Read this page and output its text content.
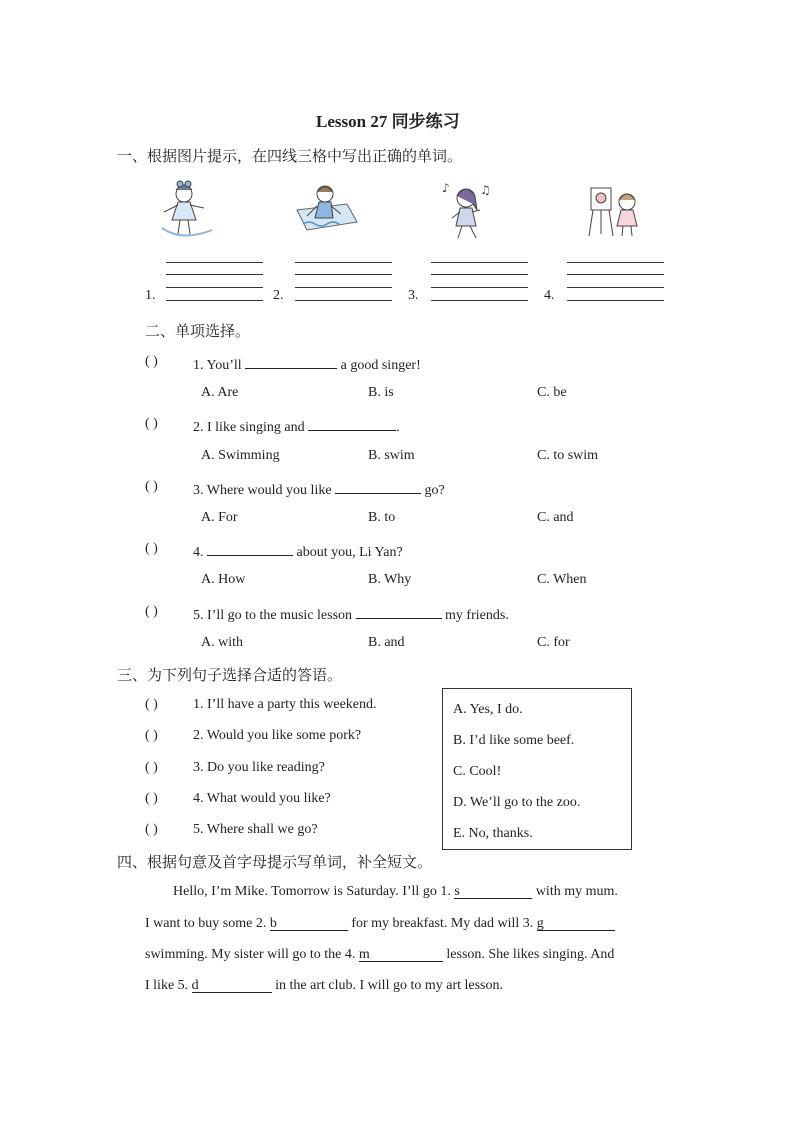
Lesson 27 同步练习
一、根据图片提示，在四线三格中写出正确的单词。
♪	♫
1.	2.	3.	4.
二、单项选择。
( )	1. You’ll	a good singer!
A. Are	B. is	C. be
( )	2. I like singing and	.
A. Swimming	B. swim	C. to swim
( )	3. Where would you like	go?
A. For	B. to	C. and
( )	4.	about you, Li Yan?
A. How	B. Why	C. When
( )	5. I’ll go to the music lesson	my friends.
A. with	B. and	C. for
三、为下列句子选择合适的答语。
( )	1. I’ll have a party this weekend.
( )	2. Would you like some pork?
( )	3. Do you like reading?
( )	4. What would you like?
( )	5. Where shall we go?
A. Yes, I do.
B. I’d like some beef.
C. Cool!
D. We’ll go to the zoo.
E. No, thanks.
四、根据句意及首字母提示写单词，补全短文。
Hello, I’m Mike. Tomorrow is Saturday. I’ll go 1. s	with my mum.
I want to buy some 2. b	for my breakfast. My dad will 3. g
swimming. My sister will go to the 4. m	lesson. She likes singing. And
I like 5. d	in the art club. I will go to my art lesson.
